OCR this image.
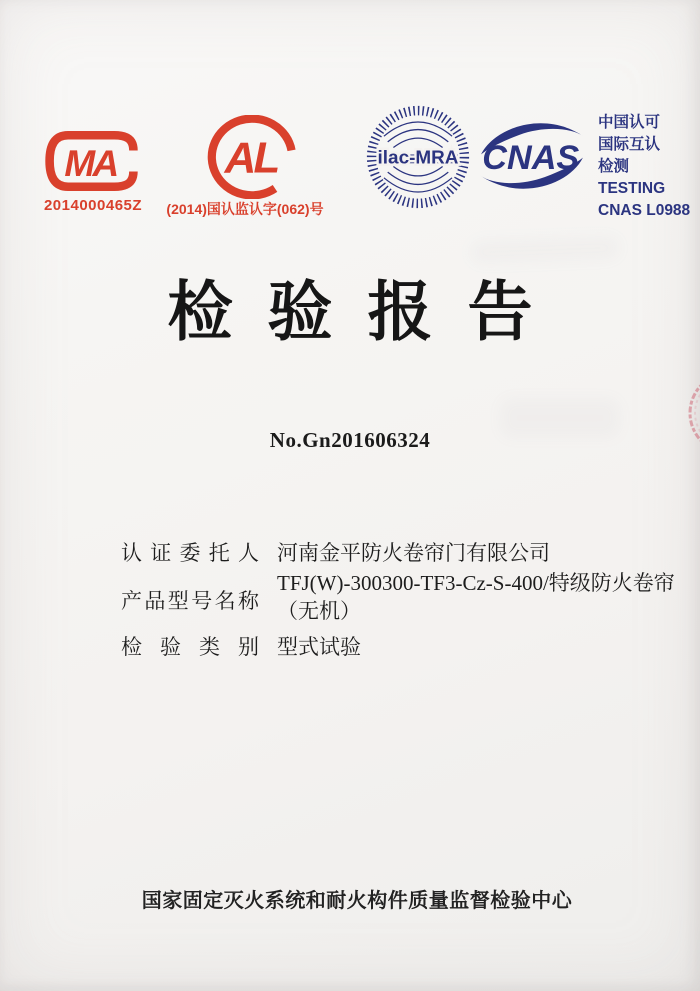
MA
2014000465Z
AL
(2014)国认监认字(062)号
ilac-MRA CNAS
中国认可
国际互认
检测
TESTING
CNAS L0988
检验报告
No.Gn201606324
认证委托人 河南金平防火卷帘门有限公司
产品型号名称
TFJ(W)-300300-TF3-Cz-S-400/特级防火卷帘
（无机）
检验类别 型式试验
国家固定灭火系统和耐火构件质量监督检验中心
